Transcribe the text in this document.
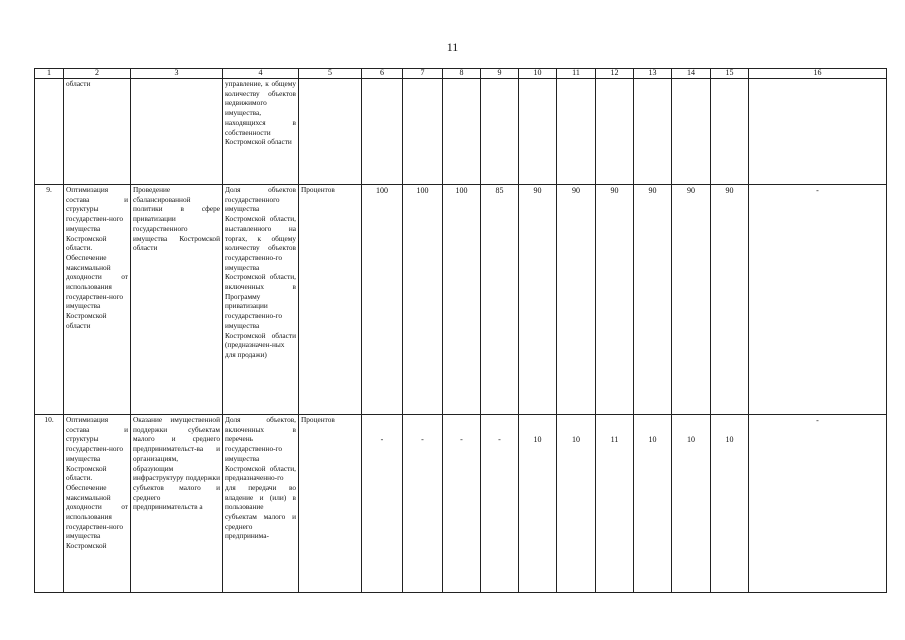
11
1	2	3	4	5	6	7	8	9	10	11	12	13	14	15	16
	области		управление, к общему количеству объектов недвижимого имущества, находящихся в собственности Костромской области												
9.	Оптимизация состава и структуры государствен-ного имущества Костромской области. Обеспечение максимальной доходности от использования государствен-ного имущества Костромской области	Проведение сбалансированной политики в сфере приватизации государственного имущества Костромской области	Доля объектов государственного имущества Костромской области, выставленного на торгах, к общему количеству объектов государственно-го имущества Костромской области, включенных в Программу приватизации государственно-го имущества Костромской области (предназначен-ных для продажи)	Процентов	100	100	100	85	90	90	90	90	90	90	-
10.	Оптимизация состава и структуры государствен-ного имущества Костромской области. Обеспечение максимальной доходности от использования государствен-ного имущества Костромской	Оказание имущественной поддержки субъектам малого и среднего предпринимательст-ва и организациям, образующим инфраструктуру поддержки субъектов малого и среднего предпринимательств а	Доля объектов, включенных в перечень государственно-го имущества Костромской области, предназначенно-го для передачи во владение и (или) в пользование субъектам малого и среднего предпринима-	Процентов	-	-	-	-	10	10	11	10	10	10	-
